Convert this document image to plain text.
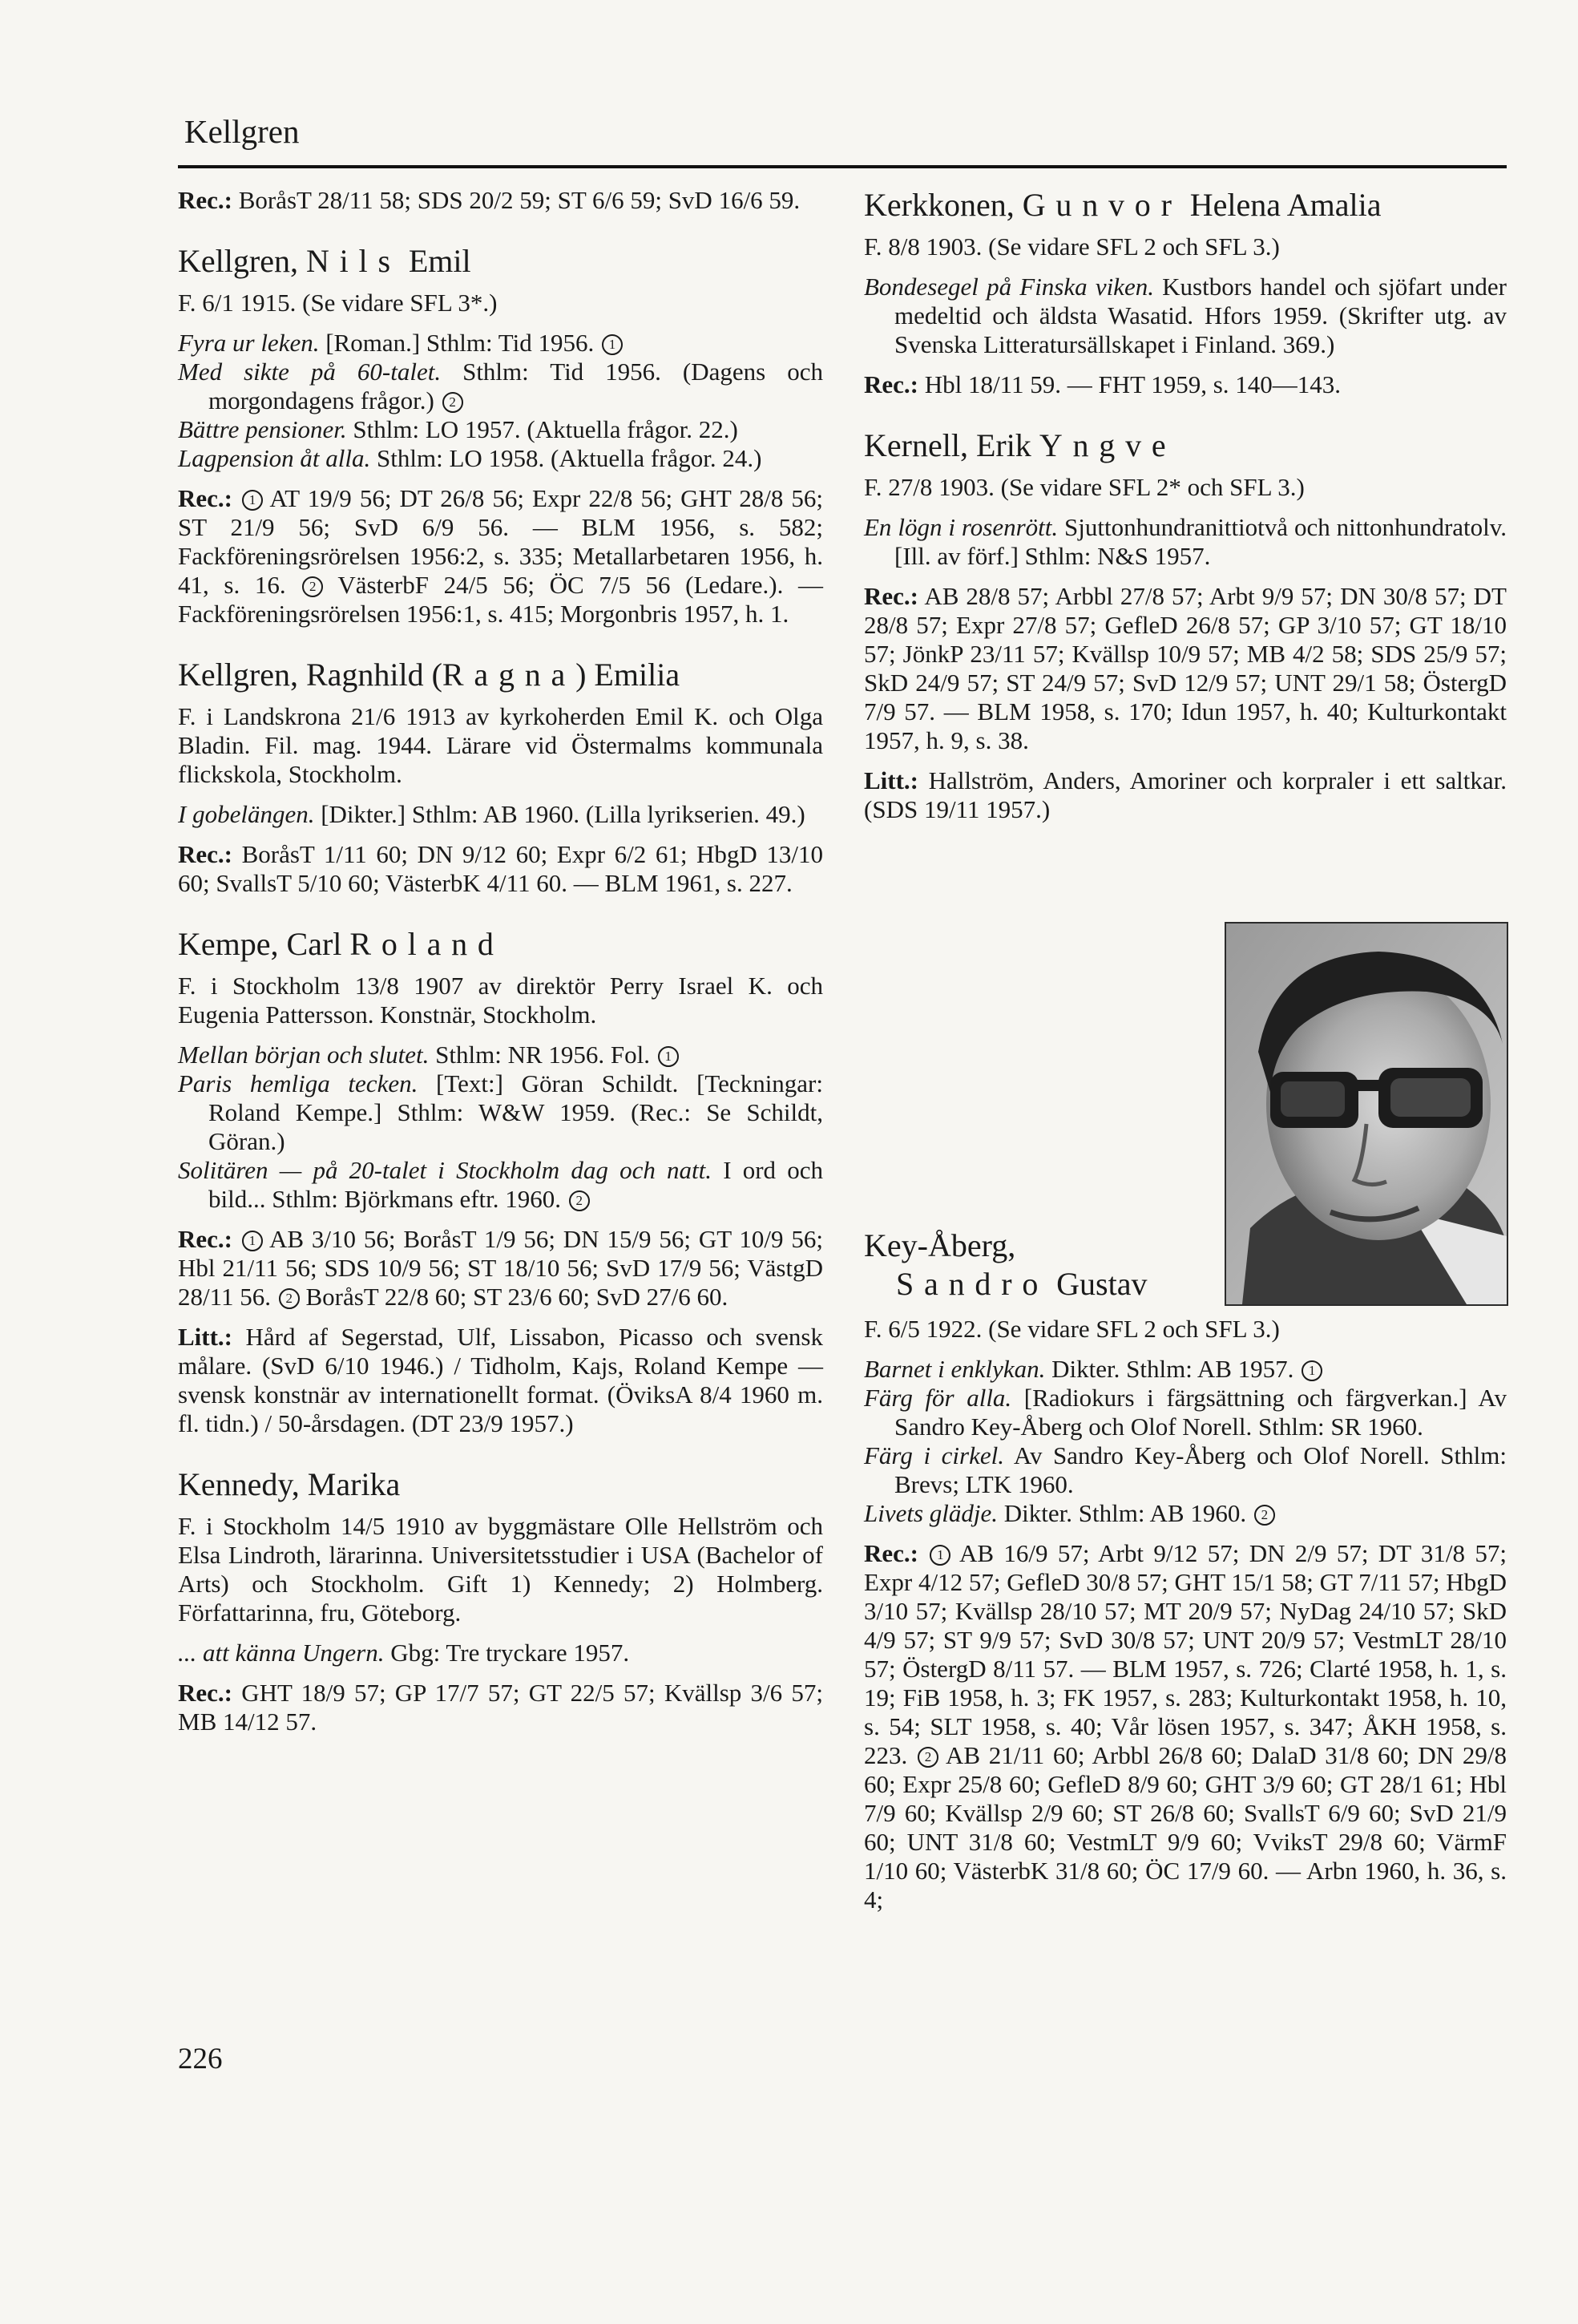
Kellgren
Rec.: BoråsT 28/11 58; SDS 20/2 59; ST 6/6 59; SvD 16/6 59.
Kellgren, Nils Emil
F. 6/1 1915. (Se vidare SFL 3*.)
Fyra ur leken. [Roman.] Sthlm: Tid 1956. 1
Med sikte på 60-talet. Sthlm: Tid 1956. (Dagens och morgondagens frågor.) 2
Bättre pensioner. Sthlm: LO 1957. (Aktuella frågor. 22.)
Lagpension åt alla. Sthlm: LO 1958. (Aktuella frågor. 24.)
Rec.: 1 AT 19/9 56; DT 26/8 56; Expr 22/8 56; GHT 28/8 56; ST 21/9 56; SvD 6/9 56. — BLM 1956, s. 582; Fackföreningsrörelsen 1956:2, s. 335; Metallarbetaren 1956, h. 41, s. 16. 2 VästerbF 24/5 56; ÖC 7/5 56 (Ledare.). — Fackföreningsrörelsen 1956:1, s. 415; Morgonbris 1957, h. 1.
Kellgren, Ragnhild (Ragna) Emilia
F. i Landskrona 21/6 1913 av kyrkoherden Emil K. och Olga Bladin. Fil. mag. 1944. Lärare vid Östermalms kommunala flickskola, Stockholm.
I gobelängen. [Dikter.] Sthlm: AB 1960. (Lilla lyrikserien. 49.)
Rec.: BoråsT 1/11 60; DN 9/12 60; Expr 6/2 61; HbgD 13/10 60; SvallsT 5/10 60; VästerbK 4/11 60. — BLM 1961, s. 227.
Kempe, Carl Roland
F. i Stockholm 13/8 1907 av direktör Perry Israel K. och Eugenia Pattersson. Konstnär, Stockholm.
Mellan början och slutet. Sthlm: NR 1956. Fol. 1
Paris hemliga tecken. [Text:] Göran Schildt. [Teckningar: Roland Kempe.] Sthlm: W&W 1959. (Rec.: Se Schildt, Göran.)
Solitären — på 20-talet i Stockholm dag och natt. I ord och bild... Sthlm: Björkmans eftr. 1960. 2
Rec.: 1 AB 3/10 56; BoråsT 1/9 56; DN 15/9 56; GT 10/9 56; Hbl 21/11 56; SDS 10/9 56; ST 18/10 56; SvD 17/9 56; VästgD 28/11 56. 2 BoråsT 22/8 60; ST 23/6 60; SvD 27/6 60.
Litt.: Hård af Segerstad, Ulf, Lissabon, Picasso och svensk målare. (SvD 6/10 1946.) / Tidholm, Kajs, Roland Kempe — svensk konstnär av internationellt format. (ÖviksA 8/4 1960 m. fl. tidn.) / 50-årsdagen. (DT 23/9 1957.)
Kennedy, Marika
F. i Stockholm 14/5 1910 av byggmästare Olle Hellström och Elsa Lindroth, lärarinna. Universitetsstudier i USA (Bachelor of Arts) och Stockholm. Gift 1) Kennedy; 2) Holmberg. Författarinna, fru, Göteborg.
... att känna Ungern. Gbg: Tre tryckare 1957.
Rec.: GHT 18/9 57; GP 17/7 57; GT 22/5 57; Kvällsp 3/6 57; MB 14/12 57.
Kerkkonen, Gunvor Helena Amalia
F. 8/8 1903. (Se vidare SFL 2 och SFL 3.)
Bondesegel på Finska viken. Kustbors handel och sjöfart under medeltid och äldsta Wasatid. Hfors 1959. (Skrifter utg. av Svenska Litteratursällskapet i Finland. 369.)
Rec.: Hbl 18/11 59. — FHT 1959, s. 140—143.
Kernell, Erik Yngve
F. 27/8 1903. (Se vidare SFL 2* och SFL 3.)
En lögn i rosenrött. Sjuttonhundranittiotvå och nittonhundratolv. [Ill. av förf.] Sthlm: N&S 1957.
Rec.: AB 28/8 57; Arbbl 27/8 57; Arbt 9/9 57; DN 30/8 57; DT 28/8 57; Expr 27/8 57; GefleD 26/8 57; GP 3/10 57; GT 18/10 57; JönkP 23/11 57; Kvällsp 10/9 57; MB 4/2 58; SDS 25/9 57; SkD 24/9 57; ST 24/9 57; SvD 12/9 57; UNT 29/1 58; ÖstergD 7/9 57. — BLM 1958, s. 170; Idun 1957, h. 40; Kulturkontakt 1957, h. 9, s. 38.
Litt.: Hallström, Anders, Amoriner och korpraler i ett saltkar. (SDS 19/11 1957.)
Key-Åberg,
Sandro Gustav
F. 6/5 1922. (Se vidare SFL 2 och SFL 3.)
Barnet i enklykan. Dikter. Sthlm: AB 1957. 1
Färg för alla. [Radiokurs i färgsättning och färgverkan.] Av Sandro Key-Åberg och Olof Norell. Sthlm: SR 1960.
Färg i cirkel. Av Sandro Key-Åberg och Olof Norell. Sthlm: Brevs; LTK 1960.
Livets glädje. Dikter. Sthlm: AB 1960. 2
Rec.: 1 AB 16/9 57; Arbt 9/12 57; DN 2/9 57; DT 31/8 57; Expr 4/12 57; GefleD 30/8 57; GHT 15/1 58; GT 7/11 57; HbgD 3/10 57; Kvällsp 28/10 57; MT 20/9 57; NyDag 24/10 57; SkD 4/9 57; ST 9/9 57; SvD 30/8 57; UNT 20/9 57; VestmLT 28/10 57; ÖstergD 8/11 57. — BLM 1957, s. 726; Clarté 1958, h. 1, s. 19; FiB 1958, h. 3; FK 1957, s. 283; Kulturkontakt 1958, h. 10, s. 54; SLT 1958, s. 40; Vår lösen 1957, s. 347; ÅKH 1958, s. 223. 2 AB 21/11 60; Arbbl 26/8 60; DalaD 31/8 60; DN 29/8 60; Expr 25/8 60; GefleD 8/9 60; GHT 3/9 60; GT 28/1 61; Hbl 7/9 60; Kvällsp 2/9 60; ST 26/8 60; SvallsT 6/9 60; SvD 21/9 60; UNT 31/8 60; VestmLT 9/9 60; VviksT 29/8 60; VärmF 1/10 60; VästerbK 31/8 60; ÖC 17/9 60. — Arbn 1960, h. 36, s. 4;
226
